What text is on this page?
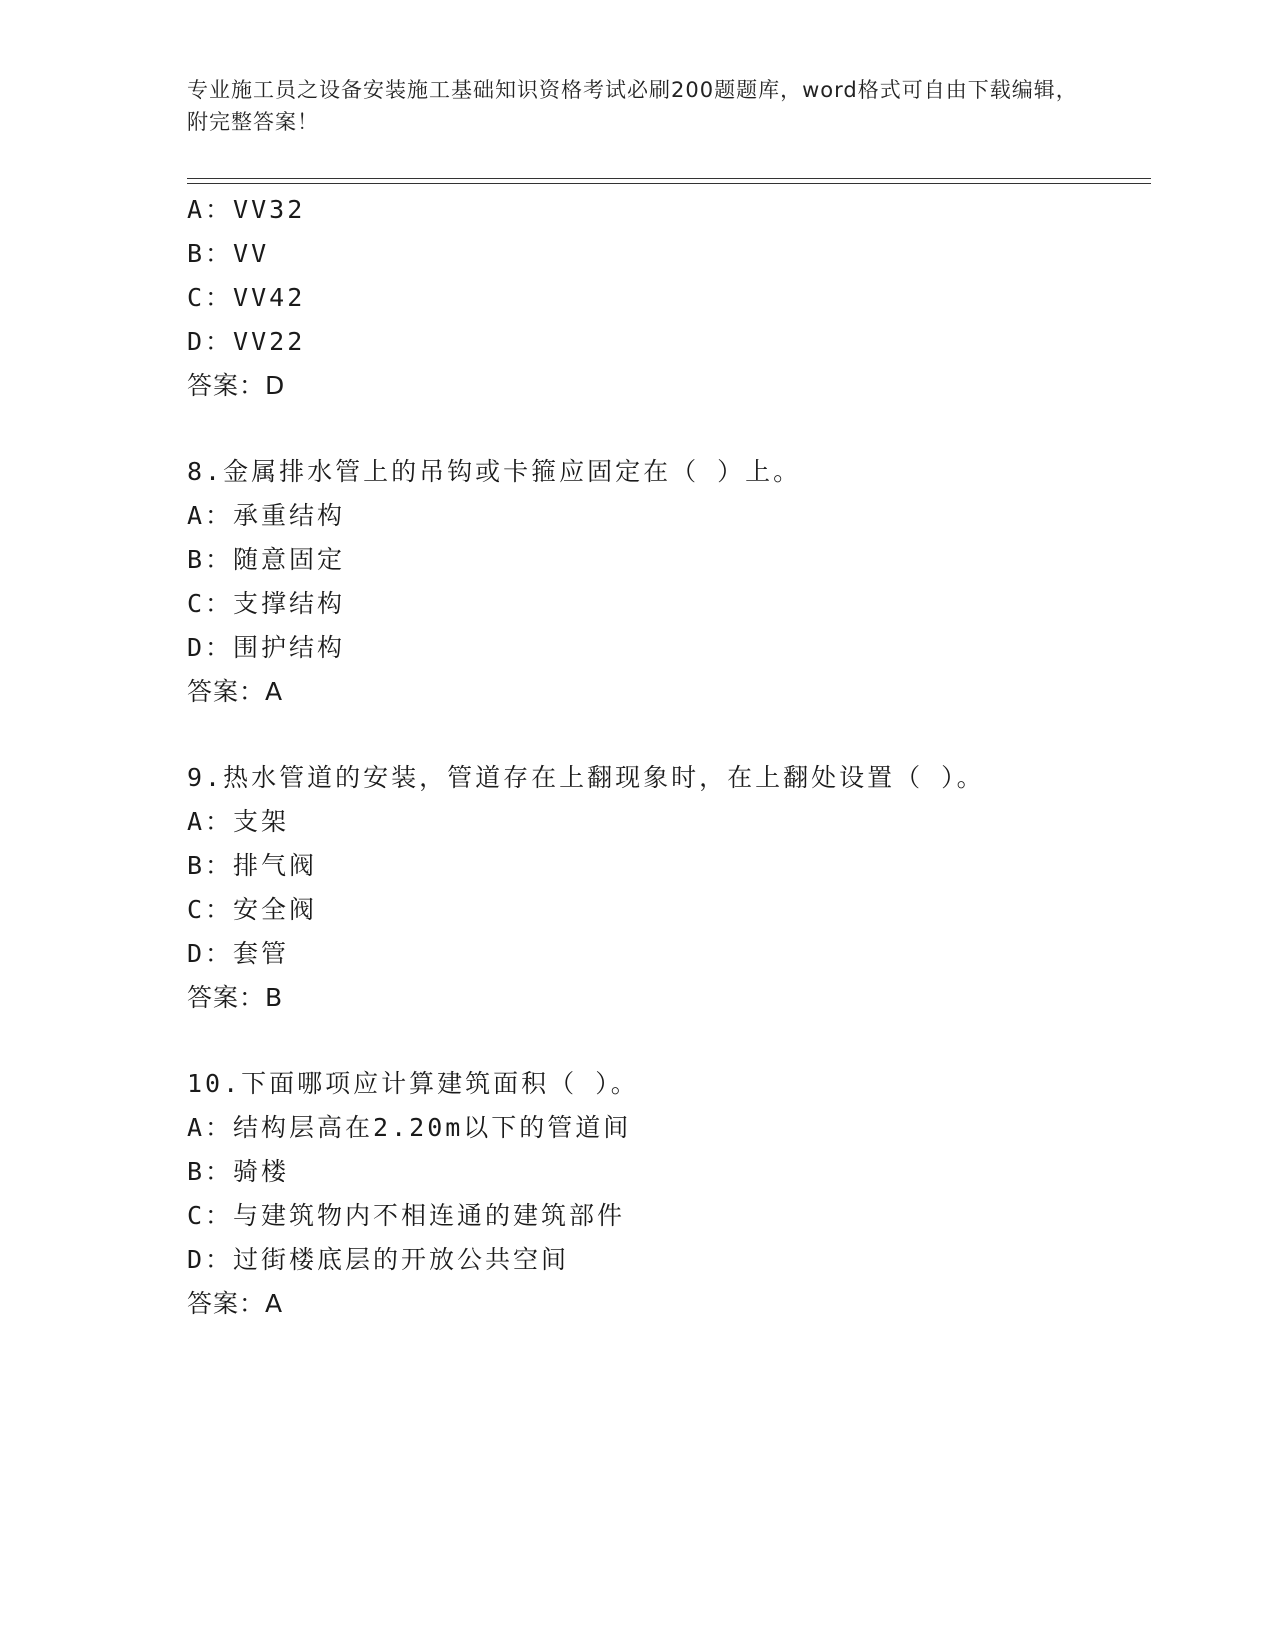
专业施工员之设备安装施工基础知识资格考试必刷200题题库，word格式可自由下载编辑，附完整答案！
A：VV32
B：VV
C：VV42
D：VV22
答案：D
8.金属排水管上的吊钩或卡箍应固定在（ ）上。
A：承重结构
B：随意固定
C：支撑结构
D：围护结构
答案：A
9.热水管道的安装，管道存在上翻现象时，在上翻处设置（ ）。
A：支架
B：排气阀
C：安全阀
D：套管
答案：B
10.下面哪项应计算建筑面积（ ）。
A：结构层高在2.20m以下的管道间
B：骑楼
C：与建筑物内不相连通的建筑部件
D：过街楼底层的开放公共空间
答案：A
